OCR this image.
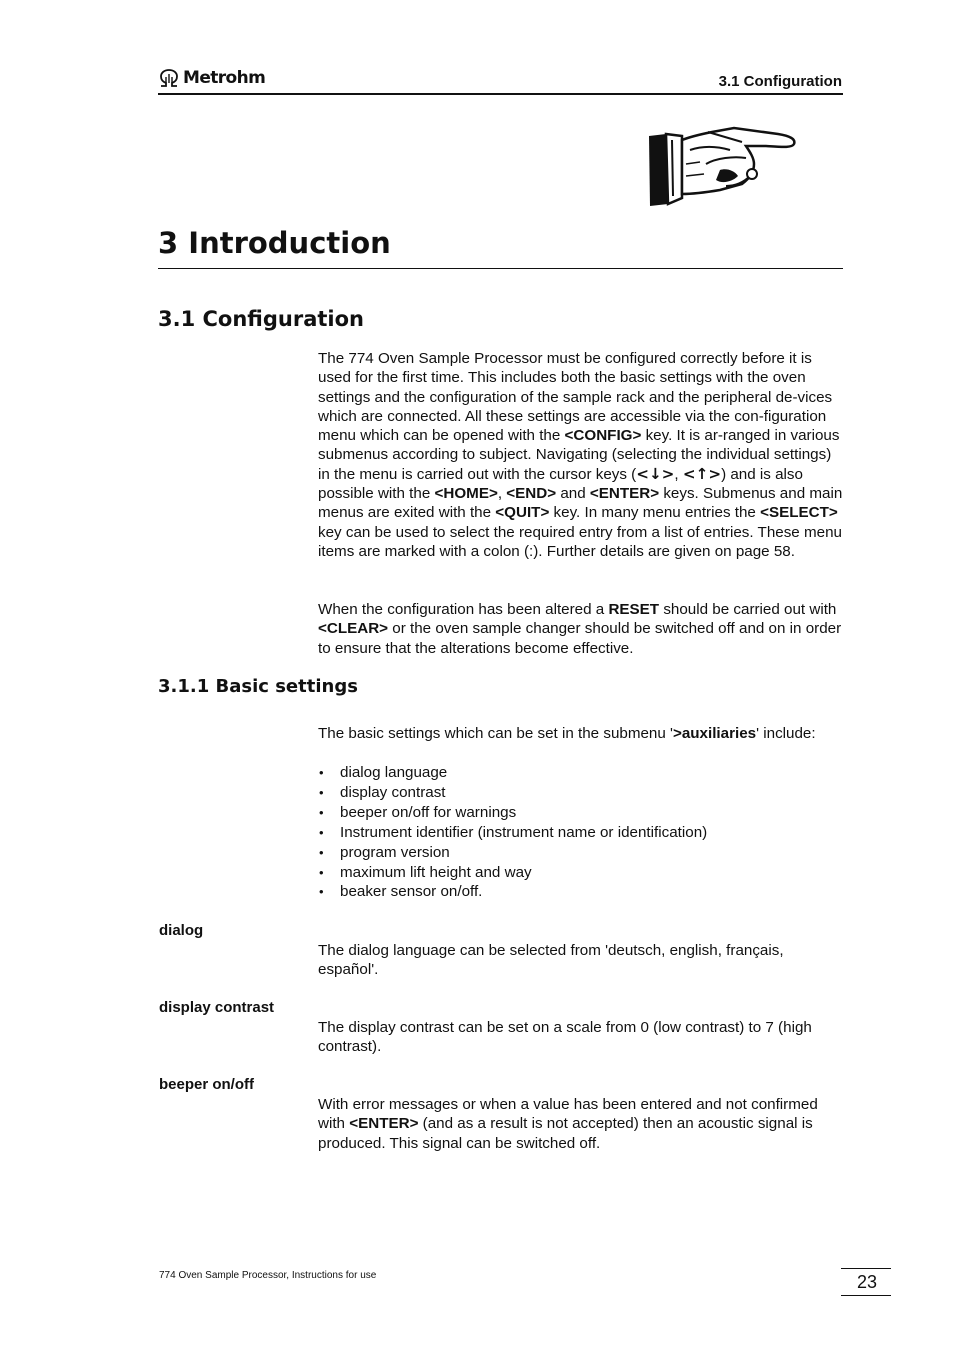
Metrohm	3.1 Configuration
3 Introduction
3.1 Configuration
The 774 Oven Sample Processor must be configured correctly before it is used for the first time. This includes both the basic settings with the oven settings and the configuration of the sample rack and the peripheral de-vices which are connected. All these settings are accessible via the con-figuration menu which can be opened with the <CONFIG> key. It is ar-ranged in various submenus according to subject. Navigating (selecting the individual settings) in the menu is carried out with the cursor keys (<↓>, <↑>) and is also possible with the <HOME>, <END> and <ENTER> keys. Submenus and main menus are exited with the <QUIT> key. In many menu entries the <SELECT> key can be used to select the required entry from a list of entries. These menu items are marked with a colon (:). Further details are given on page 58.
When the configuration has been altered a RESET should be carried out with <CLEAR> or the oven sample changer should be switched off and on in order to ensure that the alterations become effective.
3.1.1 Basic settings
The basic settings which can be set in the submenu '>auxiliaries' include:
• dialog language
• display contrast
• beeper on/off for warnings
• Instrument identifier (instrument name or identification)
• program version
• maximum lift height and way
• beaker sensor on/off.
dialog
The dialog language can be selected from 'deutsch, english, français, español'.
display contrast
The display contrast can be set on a scale from 0 (low contrast) to 7 (high contrast).
beeper on/off
With error messages or when a value has been entered and not confirmed with <ENTER> (and as a result is not accepted) then an acoustic signal is produced. This signal can be switched off.
774 Oven Sample Processor, Instructions for use	23
